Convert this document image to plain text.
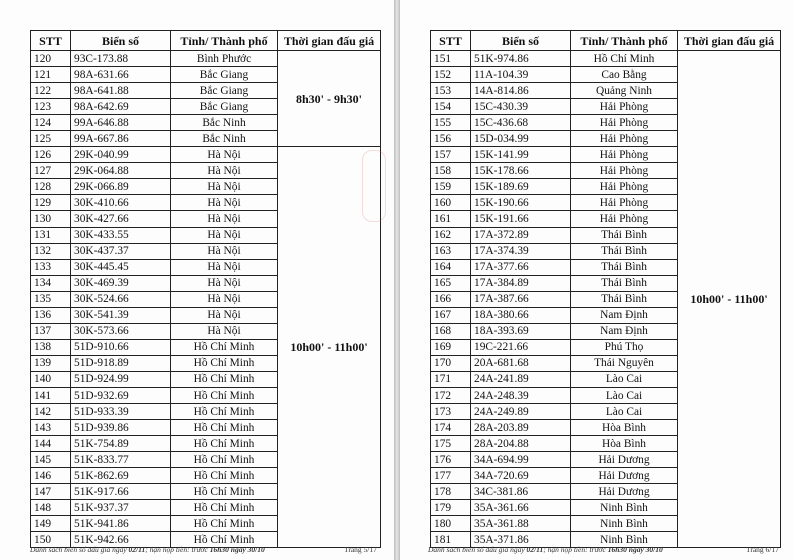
STT	Biển số	Tỉnh/ Thành phố	Thời gian đấu giá
120	93C-173.88	Bình Phước	8h30' - 9h30'
121	98A-631.66	Bắc Giang	
122	98A-641.88	Bắc Giang	
123	98A-642.69	Bắc Giang	
124	99A-646.88	Bắc Ninh	
125	99A-667.86	Bắc Ninh	
126	29K-040.99	Hà Nội	10h00' - 11h00'
127	29K-064.88	Hà Nội	
128	29K-066.89	Hà Nội	
129	30K-410.66	Hà Nội	
130	30K-427.66	Hà Nội	
131	30K-433.55	Hà Nội	
132	30K-437.37	Hà Nội	
133	30K-445.45	Hà Nội	
134	30K-469.39	Hà Nội	
135	30K-524.66	Hà Nội	
136	30K-541.39	Hà Nội	
137	30K-573.66	Hà Nội	
138	51D-910.66	Hồ Chí Minh	
139	51D-918.89	Hồ Chí Minh	
140	51D-924.99	Hồ Chí Minh	
141	51D-932.69	Hồ Chí Minh	
142	51D-933.39	Hồ Chí Minh	
143	51D-939.86	Hồ Chí Minh	
144	51K-754.89	Hồ Chí Minh	
145	51K-833.77	Hồ Chí Minh	
146	51K-862.69	Hồ Chí Minh	
147	51K-917.66	Hồ Chí Minh	
148	51K-937.37	Hồ Chí Minh	
149	51K-941.86	Hồ Chí Minh	
150	51K-942.66	Hồ Chí Minh	
Danh sách biển số đấu giá ngày 02/11; hạn nộp tiền: trước 16h30 ngày 30/10	Trang 5/17
STT	Biển số	Tỉnh/ Thành phố	Thời gian đấu giá
151	51K-974.86	Hồ Chí Minh	10h00' - 11h00'
152	11A-104.39	Cao Bằng	
153	14A-814.86	Quảng Ninh	
154	15C-430.39	Hải Phòng	
155	15C-436.68	Hải Phòng	
156	15D-034.99	Hải Phòng	
157	15K-141.99	Hải Phòng	
158	15K-178.66	Hải Phòng	
159	15K-189.69	Hải Phòng	
160	15K-190.66	Hải Phòng	
161	15K-191.66	Hải Phòng	
162	17A-372.89	Thái Bình	
163	17A-374.39	Thái Bình	
164	17A-377.66	Thái Bình	
165	17A-384.89	Thái Bình	
166	17A-387.66	Thái Bình	
167	18A-380.66	Nam Định	
168	18A-393.69	Nam Định	
169	19C-221.66	Phú Thọ	
170	20A-681.68	Thái Nguyên	
171	24A-241.89	Lào Cai	
172	24A-248.39	Lào Cai	
173	24A-249.89	Lào Cai	
174	28A-203.89	Hòa Bình	
175	28A-204.88	Hòa Bình	
176	34A-694.99	Hải Dương	
177	34A-720.69	Hải Dương	
178	34C-381.86	Hải Dương	
179	35A-361.66	Ninh Bình	
180	35A-361.88	Ninh Bình	
181	35A-371.86	Ninh Bình	
Danh sách biển số đấu giá ngày 02/11; hạn nộp tiền: trước 16h30 ngày 30/10	Trang 6/17
